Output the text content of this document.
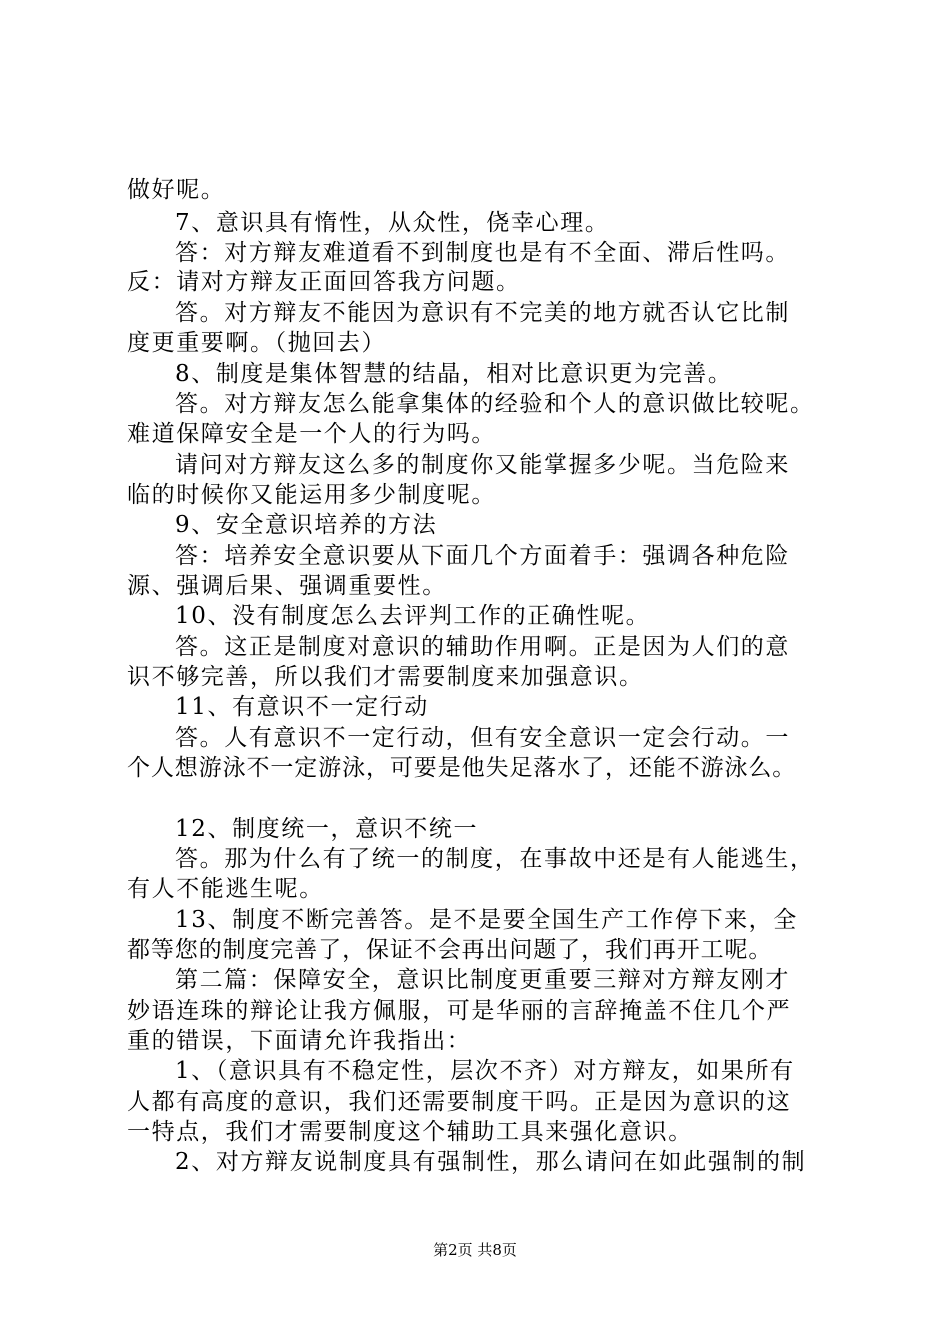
做好呢。
7、意识具有惰性，从众性，侥幸心理。
答：对方辩友难道看不到制度也是有不全面、滞后性吗。
反：请对方辩友正面回答我方问题。
答。对方辩友不能因为意识有不完美的地方就否认它比制
度更重要啊。（抛回去）
8、制度是集体智慧的结晶，相对比意识更为完善。
答。对方辩友怎么能拿集体的经验和个人的意识做比较呢。
难道保障安全是一个人的行为吗。
请问对方辩友这么多的制度你又能掌握多少呢。当危险来
临的时候你又能运用多少制度呢。
9、安全意识培养的方法
答：培养安全意识要从下面几个方面着手：强调各种危险
源、强调后果、强调重要性。
10、没有制度怎么去评判工作的正确性呢。
答。这正是制度对意识的辅助作用啊。正是因为人们的意
识不够完善，所以我们才需要制度来加强意识。
11、有意识不一定行动
答。人有意识不一定行动，但有安全意识一定会行动。一
个人想游泳不一定游泳，可要是他失足落水了，还能不游泳么。
12、制度统一，意识不统一
答。那为什么有了统一的制度，在事故中还是有人能逃生，
有人不能逃生呢。
13、制度不断完善答。是不是要全国生产工作停下来，全
都等您的制度完善了，保证不会再出问题了，我们再开工呢。
第二篇：保障安全，意识比制度更重要三辩对方辩友刚才
妙语连珠的辩论让我方佩服，可是华丽的言辞掩盖不住几个严
重的错误，下面请允许我指出：
1、（意识具有不稳定性，层次不齐）对方辩友，如果所有
人都有高度的意识，我们还需要制度干吗。正是因为意识的这
一特点，我们才需要制度这个辅助工具来强化意识。
2、对方辩友说制度具有强制性，那么请问在如此强制的制
第2页 共8页
